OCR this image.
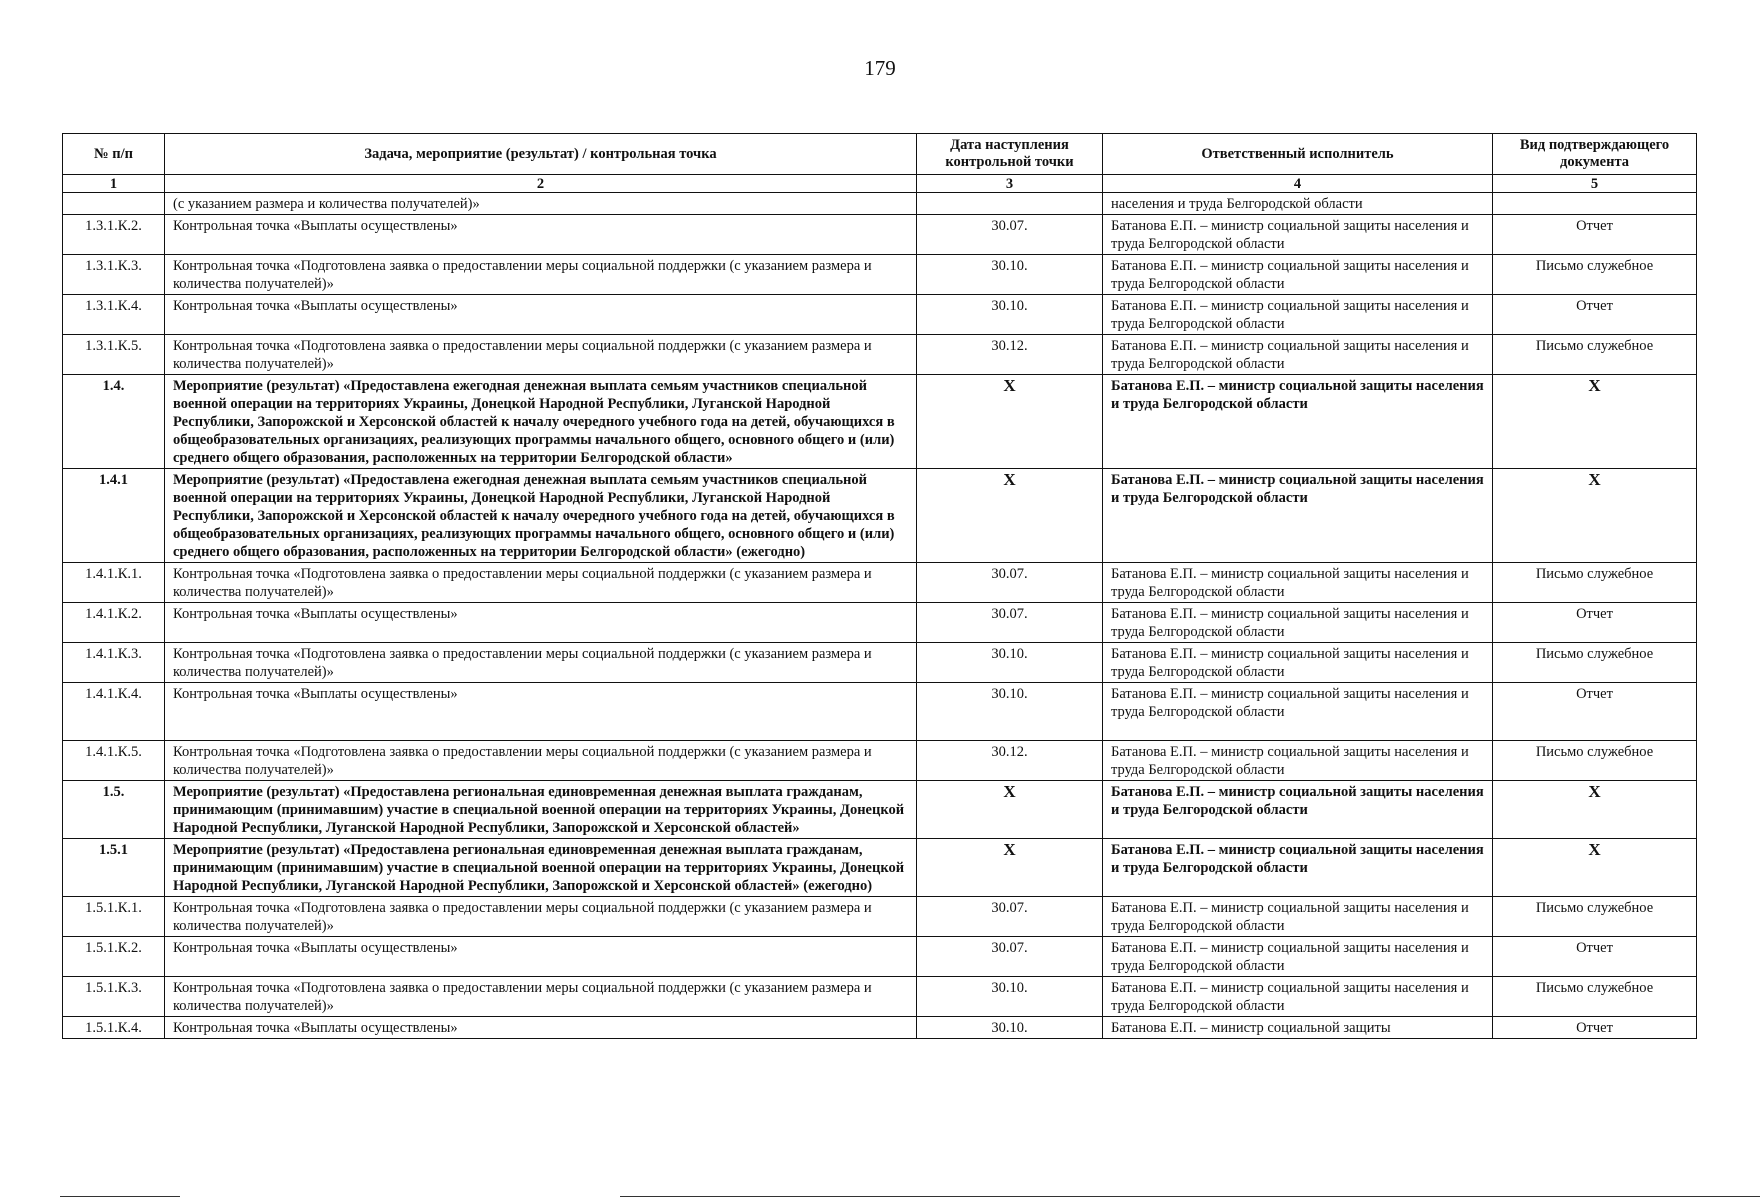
179
№ п/п	Задача, мероприятие (результат) / контрольная точка	Дата наступления контрольной точки	Ответственный исполнитель	Вид подтверждающего документа
1	2	3	4	5
	(с указанием размера и количества получателей)»		населения и труда Белгородской области	
1.3.1.К.2.	Контрольная точка «Выплаты осуществлены»	30.07.	Батанова Е.П. – министр социальной защиты населения и труда Белгородской области	Отчет
1.3.1.К.3.	Контрольная точка «Подготовлена заявка о предоставлении меры социальной поддержки (с указанием размера и количества получателей)»	30.10.	Батанова Е.П. – министр социальной защиты населения и труда Белгородской области	Письмо служебное
1.3.1.К.4.	Контрольная точка «Выплаты осуществлены»	30.10.	Батанова Е.П. – министр социальной защиты населения и труда Белгородской области	Отчет
1.3.1.К.5.	Контрольная точка «Подготовлена заявка о предоставлении меры социальной поддержки (с указанием размера и количества получателей)»	30.12.	Батанова Е.П. – министр социальной защиты населения и труда Белгородской области	Письмо служебное
1.4.	Мероприятие (результат) «Предоставлена ежегодная денежная выплата семьям участников специальной военной операции на территориях Украины, Донецкой Народной Республики, Луганской Народной Республики, Запорожской и Херсонской областей к началу очередного учебного года на детей, обучающихся в общеобразовательных организациях, реализующих программы начального общего, основного общего и (или) среднего общего образования, расположенных на территории Белгородской области»	Х	Батанова Е.П. – министр социальной защиты населения и труда Белгородской области	Х
1.4.1	Мероприятие (результат) «Предоставлена ежегодная денежная выплата семьям участников специальной военной операции на территориях Украины, Донецкой Народной Республики, Луганской Народной Республики, Запорожской и Херсонской областей к началу очередного учебного года на детей, обучающихся в общеобразовательных организациях, реализующих программы начального общего, основного общего и (или) среднего общего образования, расположенных на территории Белгородской области» (ежегодно)	Х	Батанова Е.П. – министр социальной защиты населения и труда Белгородской области	Х
1.4.1.К.1.	Контрольная точка «Подготовлена заявка о предоставлении меры социальной поддержки (с указанием размера и количества получателей)»	30.07.	Батанова Е.П. – министр социальной защиты населения и труда Белгородской области	Письмо служебное
1.4.1.К.2.	Контрольная точка «Выплаты осуществлены»	30.07.	Батанова Е.П. – министр социальной защиты населения и труда Белгородской области	Отчет
1.4.1.К.3.	Контрольная точка «Подготовлена заявка о предоставлении меры социальной поддержки (с указанием размера и количества получателей)»	30.10.	Батанова Е.П. – министр социальной защиты населения и труда Белгородской области	Письмо служебное
1.4.1.К.4.	Контрольная точка «Выплаты осуществлены»	30.10.	Батанова Е.П. – министр социальной защиты населения и труда Белгородской области	Отчет
1.4.1.К.5.	Контрольная точка «Подготовлена заявка о предоставлении меры социальной поддержки (с указанием размера и количества получателей)»	30.12.	Батанова Е.П. – министр социальной защиты населения и труда Белгородской области	Письмо служебное
1.5.	Мероприятие (результат) «Предоставлена региональная единовременная денежная выплата гражданам, принимающим (принимавшим) участие в специальной военной операции на территориях Украины, Донецкой Народной Республики, Луганской Народной Республики, Запорожской и Херсонской областей»	Х	Батанова Е.П. – министр социальной защиты населения и труда Белгородской области	Х
1.5.1	Мероприятие (результат) «Предоставлена региональная единовременная денежная выплата гражданам, принимающим (принимавшим) участие в специальной военной операции на территориях Украины, Донецкой Народной Республики, Луганской Народной Республики, Запорожской и Херсонской областей» (ежегодно)	Х	Батанова Е.П. – министр социальной защиты населения и труда Белгородской области	Х
1.5.1.К.1.	Контрольная точка «Подготовлена заявка о предоставлении меры социальной поддержки (с указанием размера и количества получателей)»	30.07.	Батанова Е.П. – министр социальной защиты населения и труда Белгородской области	Письмо служебное
1.5.1.К.2.	Контрольная точка «Выплаты осуществлены»	30.07.	Батанова Е.П. – министр социальной защиты населения и труда Белгородской области	Отчет
1.5.1.К.3.	Контрольная точка «Подготовлена заявка о предоставлении меры социальной поддержки (с указанием размера и количества получателей)»	30.10.	Батанова Е.П. – министр социальной защиты населения и труда Белгородской области	Письмо служебное
1.5.1.К.4.	Контрольная точка «Выплаты осуществлены»	30.10.	Батанова Е.П. – министр социальной защиты	Отчет
